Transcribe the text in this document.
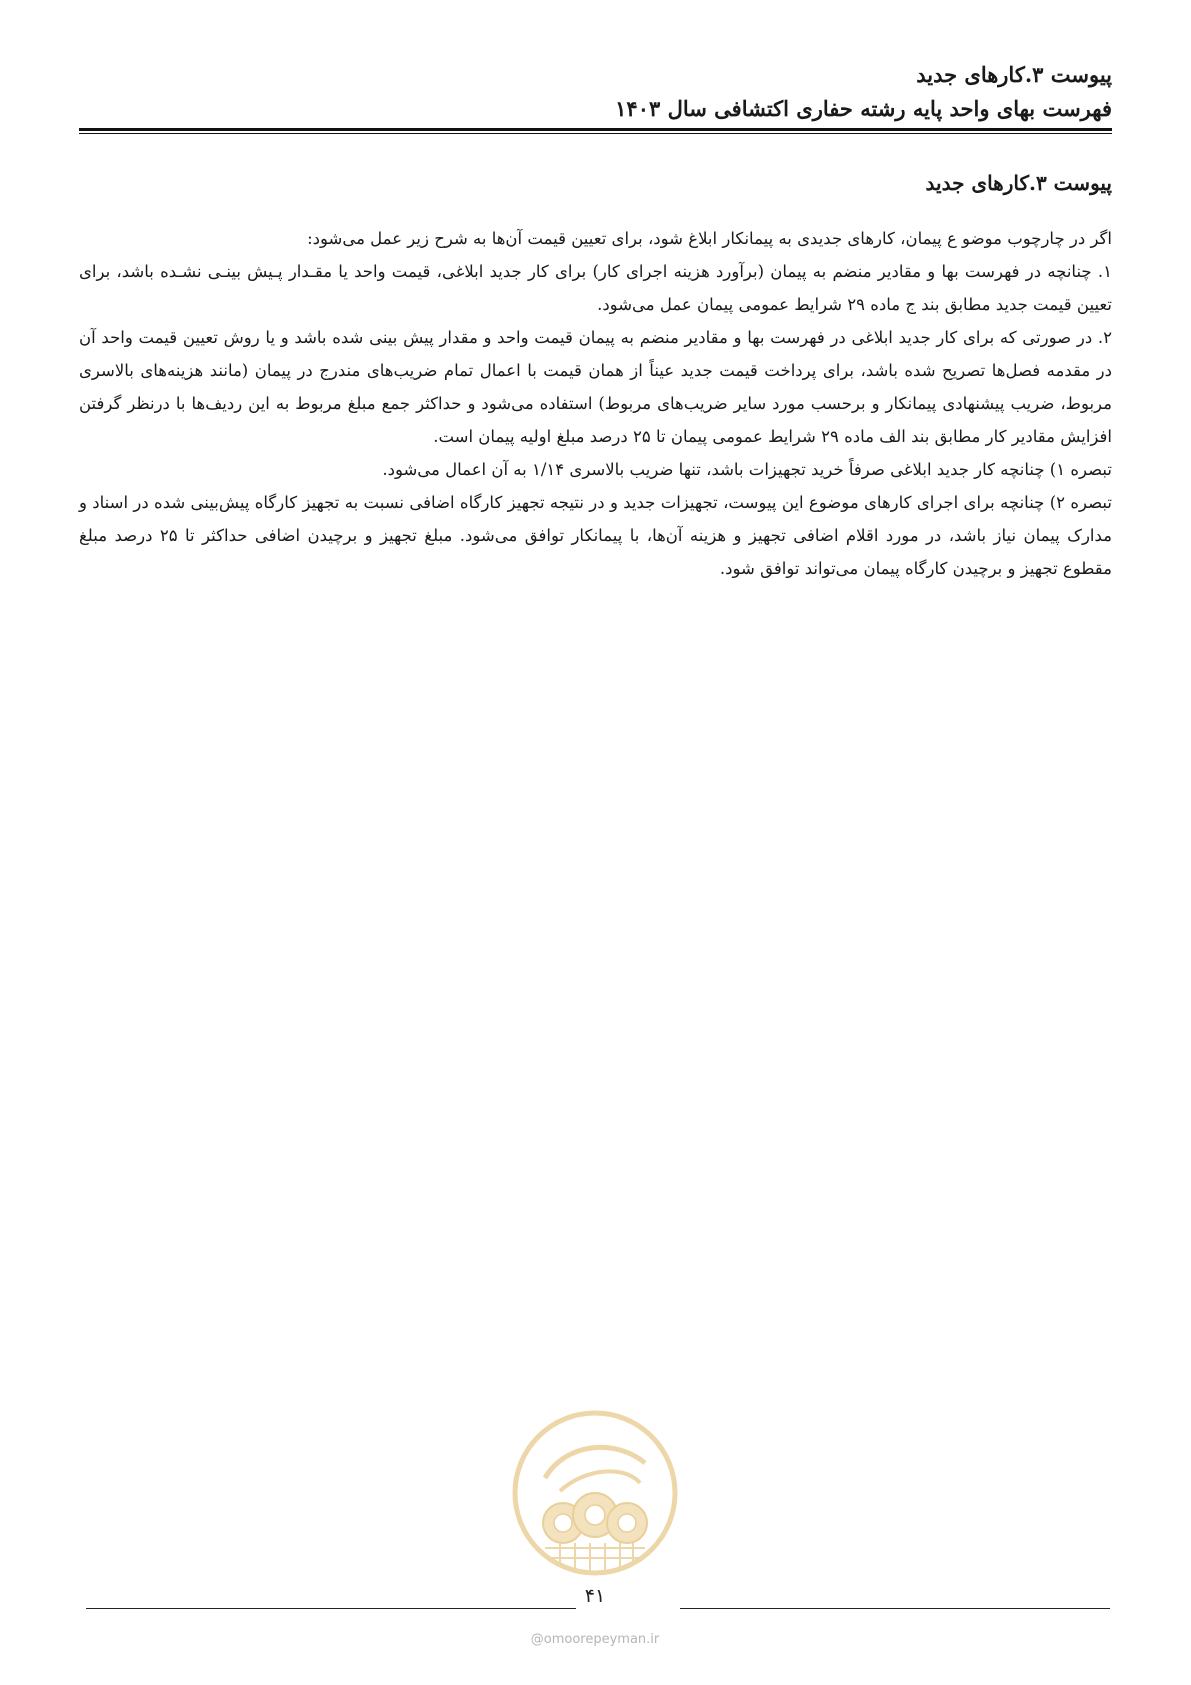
پیوست ۳.کارهای جدید
فهرست بهای واحد پایه رشته حفاری اکتشافی سال ۱۴۰۳
پیوست ۳.کارهای جدید

اگر در چارچوب موضو ع پیمان، کارهای جدیدی به پیمانکار ابلاغ شود، برای تعیین قیمت آن‌ها به شرح زیر عمل می‌شود:

۱. چنانچه در فهرست بها و مقادیر منضم به پیمان (برآورد هزینه اجرای کار) برای کار جدید ابلاغی، قیمت واحد یا مقـدار پـیش بینـی نشـده باشد، برای تعیین قیمت جدید مطابق بند ج ماده ۲۹ شرایط عمومی پیمان عمل می‌شود.

۲. در صورتی که برای کار جدید ابلاغی در فهرست بها و مقادیر منضم به پیمان قیمت واحد و مقدار پیش بینی شده باشد و یا روش تعیین قیمت واحد آن در مقدمه فصل‌ها تصریح شده باشد، برای پرداخت قیمت جدید عیناً از همان قیمت با اعمال تمام ضریب‌های مندرج در پیمان (مانند هزینه‌های بالاسری مربوط، ضریب پیشنهادی پیمانکار و برحسب مورد سایر ضریب‌های مربوط) استفاده می‌شود و حداکثر جمع مبلغ مربوط به این ردیف‌ها با درنظر گرفتن افزایش مقادیر کار مطابق بند الف ماده ۲۹ شرایط عمومی پیمان تا ۲۵ درصد مبلغ اولیه پیمان است.

تبصره ۱) چنانچه کار جدید ابلاغی صرفاً خرید تجهیزات باشد، تنها ضریب بالاسری ۱/۱۴ به آن اعمال می‌شود.

تبصره ۲) چنانچه برای اجرای کارهای موضوع این پیوست، تجهیزات جدید و در نتیجه تجهیز کارگاه اضافی نسبت به تجهیز کارگاه پیش‌بینی شده در اسناد و مدارک پیمان نیاز باشد، در مورد اقلام اضافی تجهیز و هزینه آن‌ها، با پیمانکار توافق می‌شود. مبلغ تجهیز و برچیدن اضافی حداکثر تا ۲۵ درصد مبلغ مقطوع تجهیز و برچیدن کارگاه پیمان می‌تواند توافق شود.

۴۱
@omoorepeyman.ir
